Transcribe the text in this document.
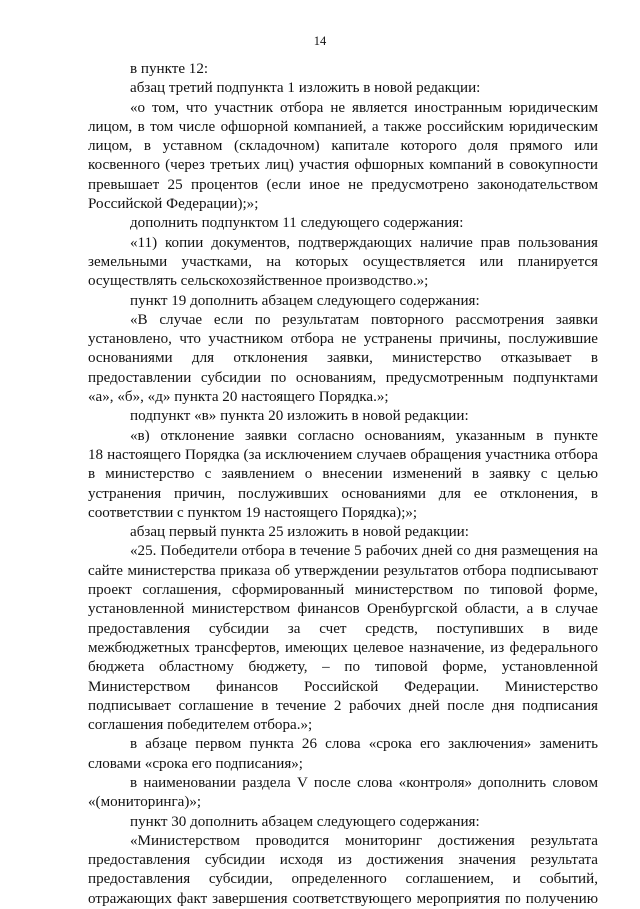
14
в пункте 12:
абзац третий подпункта 1 изложить в новой редакции:
«о том, что участник отбора не является иностранным юридическим
лицом, в том числе офшорной компанией, а также российским юридическим
лицом, в уставном (складочном) капитале которого доля прямого или
косвенного (через третьих лиц) участия офшорных компаний в совокупности
превышает 25 процентов (если иное не предусмотрено законодательством
Российской Федерации);»;
дополнить подпунктом 11 следующего содержания:
«11) копии документов, подтверждающих наличие прав пользования
земельными участками, на которых осуществляется или планируется
осуществлять сельскохозяйственное производство.»;
пункт 19 дополнить абзацем следующего содержания:
«В случае если по результатам повторного рассмотрения заявки
установлено, что участником отбора не устранены причины, послужившие
основаниями для отклонения заявки, министерство отказывает в
предоставлении субсидии по основаниям, предусмотренным подпунктами
«а», «б», «д» пункта 20 настоящего Порядка.»;
подпункт «в» пункта 20 изложить в новой редакции:
«в) отклонение заявки согласно основаниям, указанным в пункте
18 настоящего Порядка (за исключением случаев обращения участника отбора
в министерство с заявлением о внесении изменений в заявку с целью
устранения причин, послуживших основаниями для ее отклонения, в
соответствии с пунктом 19 настоящего Порядка);»;
абзац первый пункта 25 изложить в новой редакции:
«25. Победители отбора в течение 5 рабочих дней со дня размещения на
сайте министерства приказа об утверждении результатов отбора подписывают
проект соглашения, сформированный министерством по типовой форме,
установленной министерством финансов Оренбургской области, а в случае
предоставления субсидии за счет средств, поступивших в виде
межбюджетных трансфертов, имеющих целевое назначение, из федерального
бюджета областному бюджету, – по типовой форме, установленной
Министерством финансов Российской Федерации. Министерство
подписывает соглашение в течение 2 рабочих дней после дня подписания
соглашения победителем отбора.»;
в абзаце первом пункта 26 слова «срока его заключения» заменить
словами «срока его подписания»;
в наименовании раздела V после слова «контроля» дополнить словом
«(мониторинга)»;
пункт 30 дополнить абзацем следующего содержания:
«Министерством проводится мониторинг достижения результата
предоставления субсидии исходя из достижения значения результата
предоставления субсидии, определенного соглашением, и событий,
отражающих факт завершения соответствующего мероприятия по получению
